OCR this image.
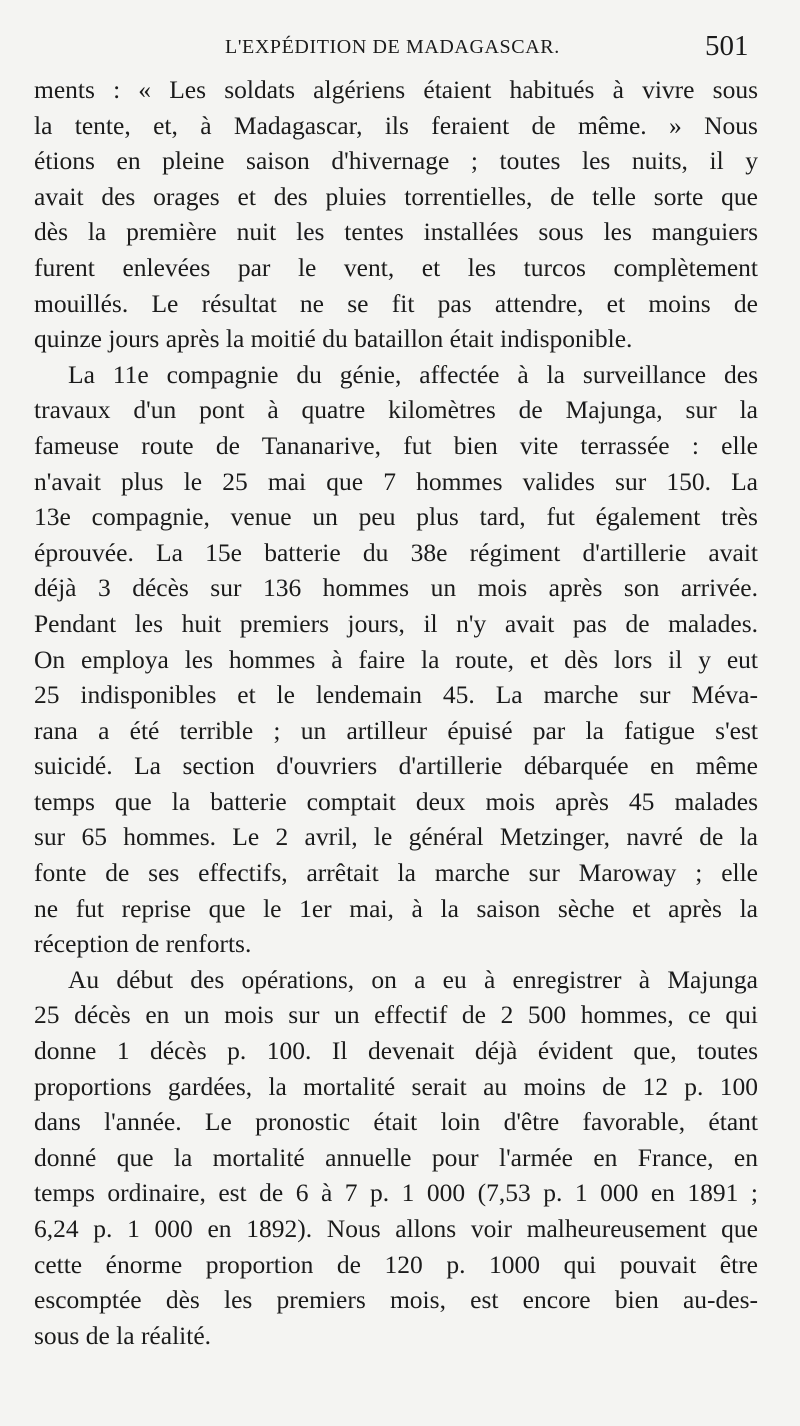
L'EXPÉDITION DE MADAGASCAR.	501
ments : « Les soldats algériens étaient habitués à vivre sous
la tente, et, à Madagascar, ils feraient de même. » Nous
étions en pleine saison d'hivernage ; toutes les nuits, il y
avait des orages et des pluies torrentielles, de telle sorte que
dès la première nuit les tentes installées sous les manguiers
furent enlevées par le vent, et les turcos complètement
mouillés. Le résultat ne se fit pas attendre, et moins de
quinze jours après la moitié du bataillon était indisponible.
La 11e compagnie du génie, affectée à la surveillance des
travaux d'un pont à quatre kilomètres de Majunga, sur la
fameuse route de Tananarive, fut bien vite terrassée : elle
n'avait plus le 25 mai que 7 hommes valides sur 150. La
13e compagnie, venue un peu plus tard, fut également très
éprouvée. La 15e batterie du 38e régiment d'artillerie avait
déjà 3 décès sur 136 hommes un mois après son arrivée.
Pendant les huit premiers jours, il n'y avait pas de malades.
On employa les hommes à faire la route, et dès lors il y eut
25 indisponibles et le lendemain 45. La marche sur Méva-
rana a été terrible ; un artilleur épuisé par la fatigue s'est
suicidé. La section d'ouvriers d'artillerie débarquée en même
temps que la batterie comptait deux mois après 45 malades
sur 65 hommes. Le 2 avril, le général Metzinger, navré de la
fonte de ses effectifs, arrêtait la marche sur Maroway ; elle
ne fut reprise que le 1er mai, à la saison sèche et après la
réception de renforts.
Au début des opérations, on a eu à enregistrer à Majunga
25 décès en un mois sur un effectif de 2 500 hommes, ce qui
donne 1 décès p. 100. Il devenait déjà évident que, toutes
proportions gardées, la mortalité serait au moins de 12 p. 100
dans l'année. Le pronostic était loin d'être favorable, étant
donné que la mortalité annuelle pour l'armée en France, en
temps ordinaire, est de 6 à 7 p. 1 000 (7,53 p. 1 000 en 1891 ;
6,24 p. 1 000 en 1892). Nous allons voir malheureusement que
cette énorme proportion de 120 p. 1000 qui pouvait être
escomptée dès les premiers mois, est encore bien au-des-
sous de la réalité.
